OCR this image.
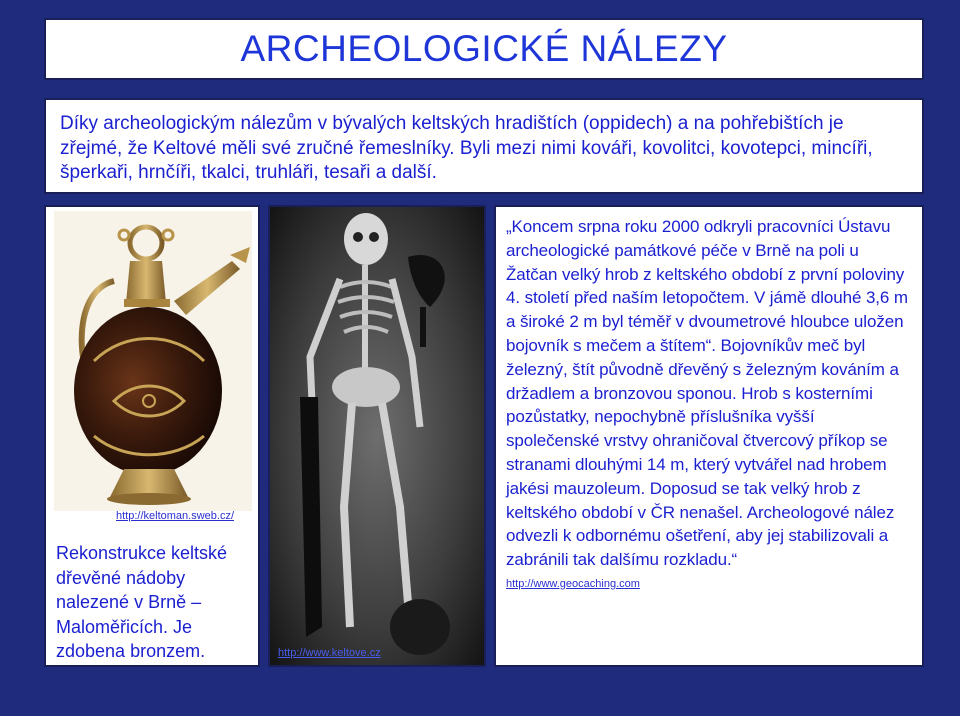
ARCHEOLOGICKÉ NÁLEZY

Díky archeologickým nálezům v bývalých keltských hradištích (oppidech) a na pohřebištích je zřejmé, že Keltové měli své zručné řemeslníky. Byli mezi nimi kováři, kovolitci, kovotepci, mincíři, šperkaři, hrnčíři, tkalci, truhláři, tesaři a další.

http://keltoman.sweb.cz/
Rekonstrukce keltské dřevěné nádoby nalezené v Brně – Maloměřicích. Je zdobena bronzem.	http://www.keltove.cz

„Koncem srpna roku 2000 odkryli pracovníci Ústavu archeologické památkové péče v Brně na poli u Žatčan velký hrob z keltského období z první poloviny 4. století před naším letopočtem. V jámě dlouhé 3,6 m a široké 2 m byl téměř v dvoumetrové hloubce uložen bojovník s mečem a štítem“. Bojovníkův meč byl železný, štít původně dřevěný s železným kováním a držadlem a bronzovou sponou. Hrob s kosterními pozůstatky, nepochybně příslušníka vyšší společenské vrstvy ohraničoval čtvercový příkop se stranami dlouhými 14 m, který vytvářel nad hrobem jakési mauzoleum. Doposud se tak velký hrob z keltského období v ČR nenašel. Archeologové nález odvezli k odbornému ošetření, aby jej stabilizovali a zabránili tak dalšímu rozkladu.“

http://www.geocaching.com
